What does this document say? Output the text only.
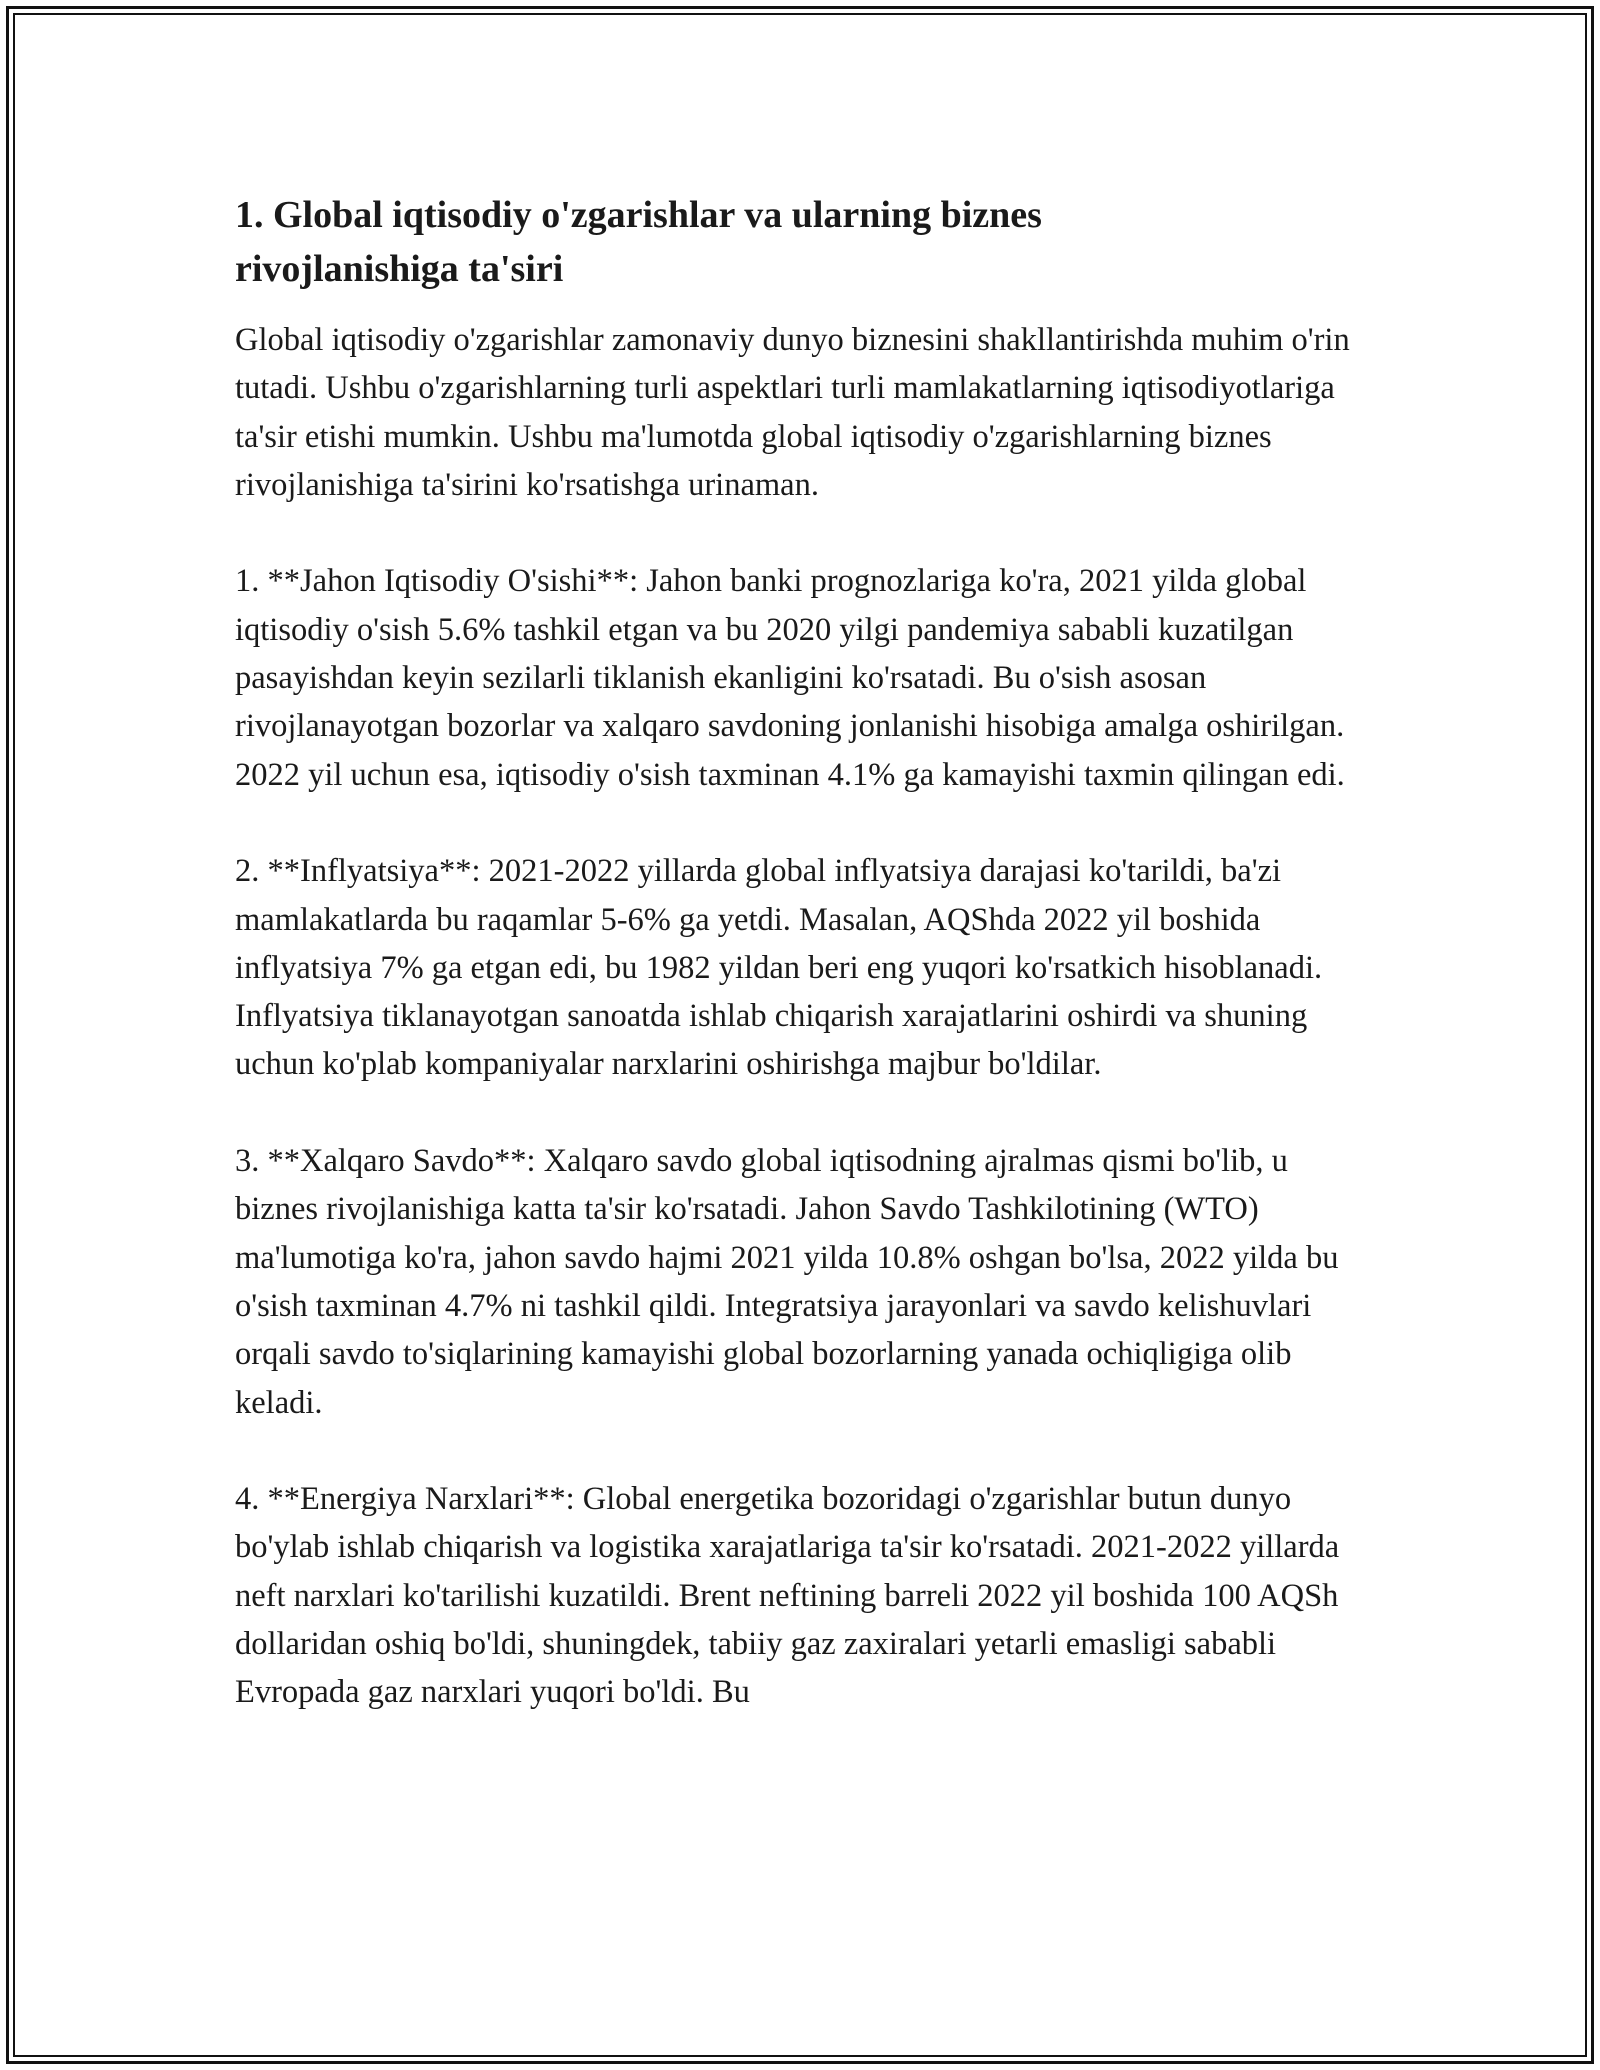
1. Global iqtisodiy o'zgarishlar va ularning biznes rivojlanishiga ta'siri

Global iqtisodiy o'zgarishlar zamonaviy dunyo biznesini shakllantirishda muhim o'rin tutadi. Ushbu o'zgarishlarning turli aspektlari turli mamlakatlarning iqtisodiyotlariga ta'sir etishi mumkin. Ushbu ma'lumotda global iqtisodiy o'zgarishlarning biznes rivojlanishiga ta'sirini ko'rsatishga urinaman.

1. **Jahon Iqtisodiy O'sishi**: Jahon banki prognozlariga ko'ra, 2021 yilda global iqtisodiy o'sish 5.6% tashkil etgan va bu 2020 yilgi pandemiya sababli kuzatilgan pasayishdan keyin sezilarli tiklanish ekanligini ko'rsatadi. Bu o'sish asosan rivojlanayotgan bozorlar va xalqaro savdoning jonlanishi hisobiga amalga oshirilgan. 2022 yil uchun esa, iqtisodiy o'sish taxminan 4.1% ga kamayishi taxmin qilingan edi.

2. **Inflyatsiya**: 2021-2022 yillarda global inflyatsiya darajasi ko'tarildi, ba'zi mamlakatlarda bu raqamlar 5-6% ga yetdi. Masalan, AQShda 2022 yil boshida inflyatsiya 7% ga etgan edi, bu 1982 yildan beri eng yuqori ko'rsatkich hisoblanadi. Inflyatsiya tiklanayotgan sanoatda ishlab chiqarish xarajatlarini oshirdi va shuning uchun ko'plab kompaniyalar narxlarini oshirishga majbur bo'ldilar.

3. **Xalqaro Savdo**: Xalqaro savdo global iqtisodning ajralmas qismi bo'lib, u biznes rivojlanishiga katta ta'sir ko'rsatadi. Jahon Savdo Tashkilotining (WTO) ma'lumotiga ko'ra, jahon savdo hajmi 2021 yilda 10.8% oshgan bo'lsa, 2022 yilda bu o'sish taxminan 4.7% ni tashkil qildi. Integratsiya jarayonlari va savdo kelishuvlari orqali savdo to'siqlarining kamayishi global bozorlarning yanada ochiqligiga olib keladi.

4. **Energiya Narxlari**: Global energetika bozoridagi o'zgarishlar butun dunyo bo'ylab ishlab chiqarish va logistika xarajatlariga ta'sir ko'rsatadi. 2021-2022 yillarda neft narxlari ko'tarilishi kuzatildi. Brent neftining barreli 2022 yil boshida 100 AQSh dollaridan oshiq bo'ldi, shuningdek, tabiiy gaz zaxiralari yetarli emasligi sababli Evropada gaz narxlari yuqori bo'ldi. Bu
